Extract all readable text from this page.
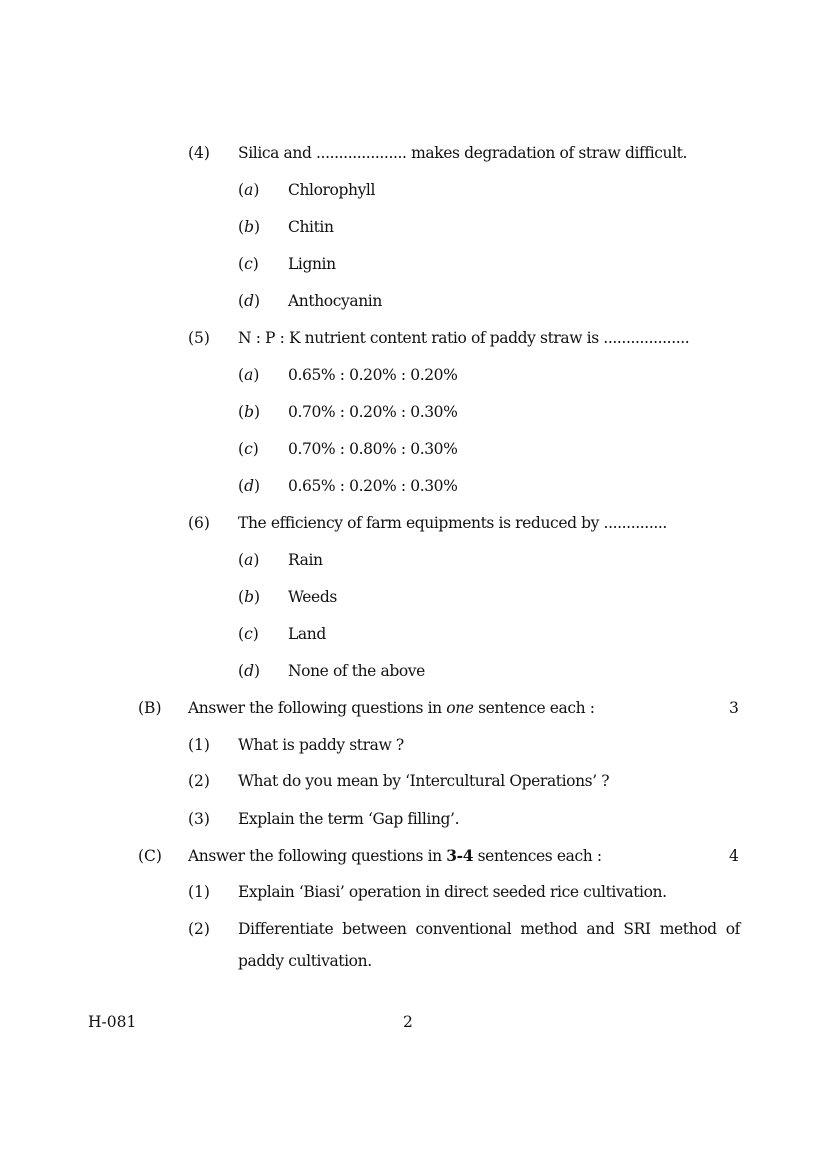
(4) Silica and .................... makes degradation of straw difficult.
(a) Chlorophyll
(b) Chitin
(c) Lignin
(d) Anthocyanin
(5) N : P : K nutrient content ratio of paddy straw is ...................
(a) 0.65% : 0.20% : 0.20%
(b) 0.70% : 0.20% : 0.30%
(c) 0.70% : 0.80% : 0.30%
(d) 0.65% : 0.20% : 0.30%
(6) The efficiency of farm equipments is reduced by ..............
(a) Rain
(b) Weeds
(c) Land
(d) None of the above
(B) Answer the following questions in one sentence each :	3
(1) What is paddy straw ?
(2) What do you mean by ‘Intercultural Operations’ ?
(3) Explain the term ‘Gap filling’.
(C) Answer the following questions in 3-4 sentences each :	4
(1) Explain ‘Biasi’ operation in direct seeded rice cultivation.
(2) Differentiate between conventional method and SRI method of
paddy cultivation.
H-081	2
